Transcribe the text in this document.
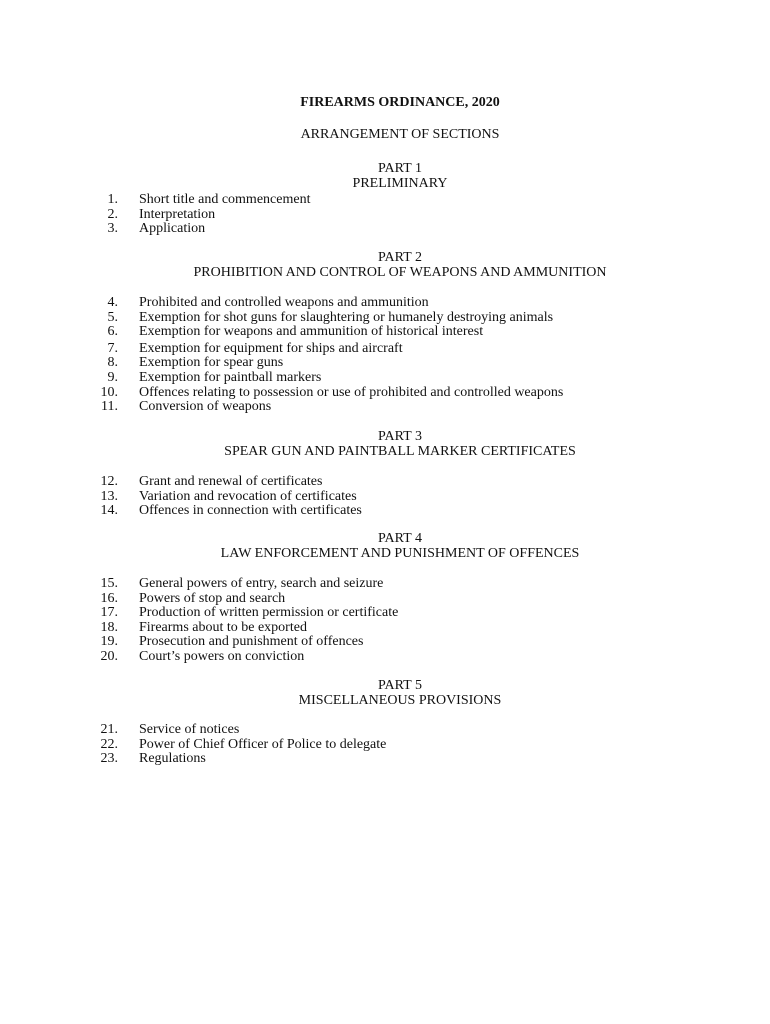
FIREARMS ORDINANCE, 2020
ARRANGEMENT OF SECTIONS
PART 1
PRELIMINARY
1. Short title and commencement
2. Interpretation
3. Application
PART 2
PROHIBITION AND CONTROL OF WEAPONS AND AMMUNITION
4. Prohibited and controlled weapons and ammunition
5. Exemption for shot guns for slaughtering or humanely destroying animals
6. Exemption for weapons and ammunition of historical interest
7. Exemption for equipment for ships and aircraft
8. Exemption for spear guns
9. Exemption for paintball markers
10. Offences relating to possession or use of prohibited and controlled weapons
11. Conversion of weapons
PART 3
SPEAR GUN AND PAINTBALL MARKER CERTIFICATES
12. Grant and renewal of certificates
13. Variation and revocation of certificates
14. Offences in connection with certificates
PART 4
LAW ENFORCEMENT AND PUNISHMENT OF OFFENCES
15. General powers of entry, search and seizure
16. Powers of stop and search
17. Production of written permission or certificate
18. Firearms about to be exported
19. Prosecution and punishment of offences
20. Court’s powers on conviction
PART 5
MISCELLANEOUS PROVISIONS
21. Service of notices
22. Power of Chief Officer of Police to delegate
23. Regulations
